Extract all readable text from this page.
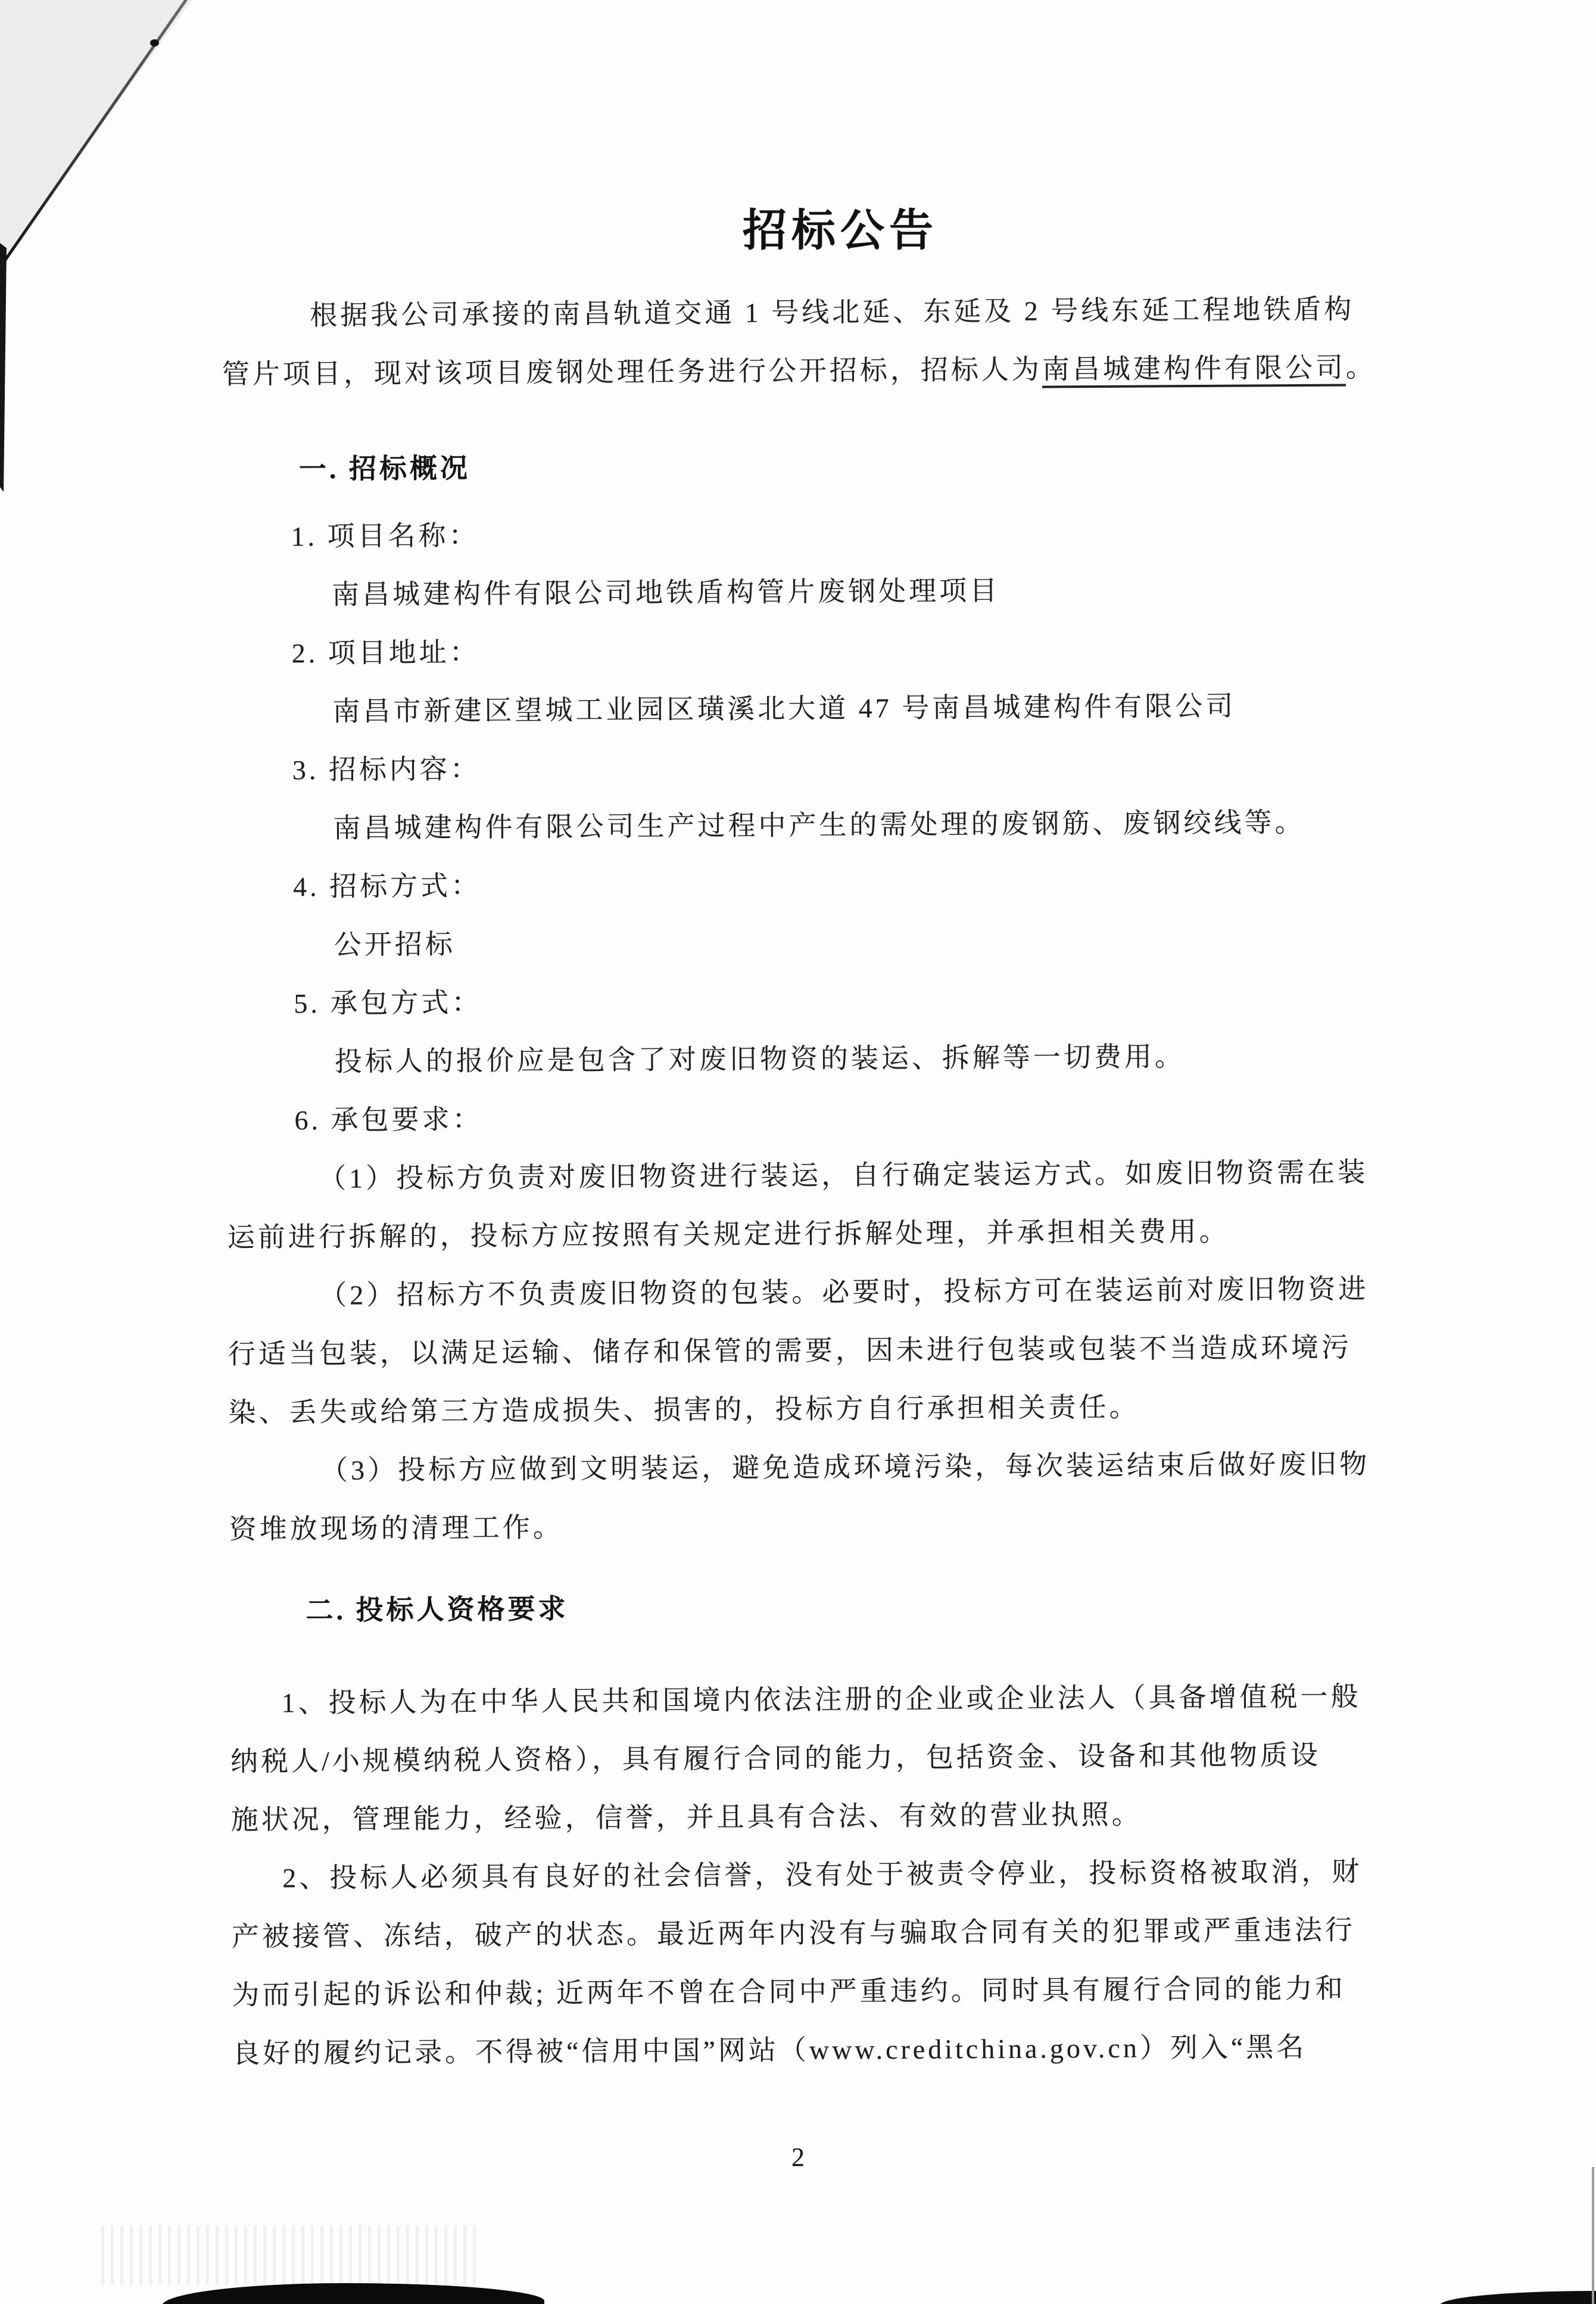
招标公告
根据我公司承接的南昌轨道交通 1 号线北延、东延及 2 号线东延工程地铁盾构
管片项目，现对该项目废钢处理任务进行公开招标，招标人为南昌城建构件有限公司。
一. 招标概况
1. 项目名称：
南昌城建构件有限公司地铁盾构管片废钢处理项目
2. 项目地址：
南昌市新建区望城工业园区璜溪北大道 47 号南昌城建构件有限公司
3. 招标内容：
南昌城建构件有限公司生产过程中产生的需处理的废钢筋、废钢绞线等。
4. 招标方式：
公开招标
5. 承包方式：
投标人的报价应是包含了对废旧物资的装运、拆解等一切费用。
6. 承包要求：
（1）投标方负责对废旧物资进行装运，自行确定装运方式。如废旧物资需在装
运前进行拆解的，投标方应按照有关规定进行拆解处理，并承担相关费用。
（2）招标方不负责废旧物资的包装。必要时，投标方可在装运前对废旧物资进
行适当包装，以满足运输、储存和保管的需要，因未进行包装或包装不当造成环境污
染、丢失或给第三方造成损失、损害的，投标方自行承担相关责任。
（3）投标方应做到文明装运，避免造成环境污染，每次装运结束后做好废旧物
资堆放现场的清理工作。
二. 投标人资格要求
1、投标人为在中华人民共和国境内依法注册的企业或企业法人（具备增值税一般
纳税人/小规模纳税人资格），具有履行合同的能力，包括资金、设备和其他物质设
施状况，管理能力，经验，信誉，并且具有合法、有效的营业执照。
2、投标人必须具有良好的社会信誉，没有处于被责令停业，投标资格被取消，财
产被接管、冻结，破产的状态。最近两年内没有与骗取合同有关的犯罪或严重违法行
为而引起的诉讼和仲裁; 近两年不曾在合同中严重违约。同时具有履行合同的能力和
良好的履约记录。不得被“信用中国”网站（www.creditchina.gov.cn）列入“黑名
2
